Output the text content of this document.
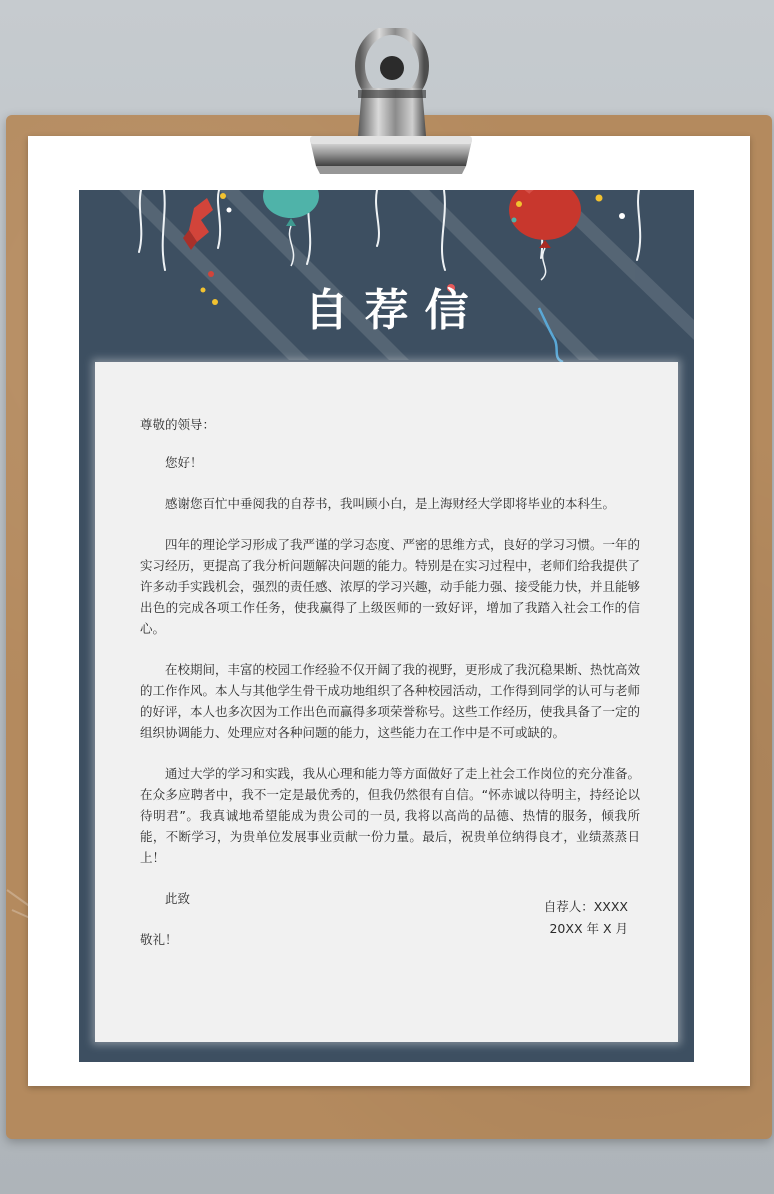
自荐信

尊敬的领导：

您好！

感谢您百忙中垂阅我的自荐书，我叫顾小白，是上海财经大学即将毕业的本科生。

四年的理论学习形成了我严谨的学习态度、严密的思维方式，良好的学习习惯。一年的实习经历，更提高了我分析问题解决问题的能力。特别是在实习过程中，老师们给我提供了许多动手实践机会，强烈的责任感、浓厚的学习兴趣，动手能力强、接受能力快，并且能够出色的完成各项工作任务，使我赢得了上级医师的一致好评，增加了我踏入社会工作的信心。

在校期间，丰富的校园工作经验不仅开阔了我的视野，更形成了我沉稳果断、热忱高效的工作作风。本人与其他学生骨干成功地组织了各种校园活动，工作得到同学的认可与老师的好评，本人也多次因为工作出色而赢得多项荣誉称号。这些工作经历，使我具备了一定的组织协调能力、处理应对各种问题的能力，这些能力在工作中是不可或缺的。

通过大学的学习和实践，我从心理和能力等方面做好了走上社会工作岗位的充分准备。在众多应聘者中，我不一定是最优秀的，但我仍然很有自信。“怀赤诚以待明主，持经论以待明君”。我真诚地希望能成为贵公司的一员, 我将以高尚的品德、热情的服务，倾我所能，不断学习，为贵单位发展事业贡献一份力量。最后，祝贵单位纳得良才，业绩蒸蒸日上！

此致

敬礼！

自荐人：XXXX
20XX 年 X 月
